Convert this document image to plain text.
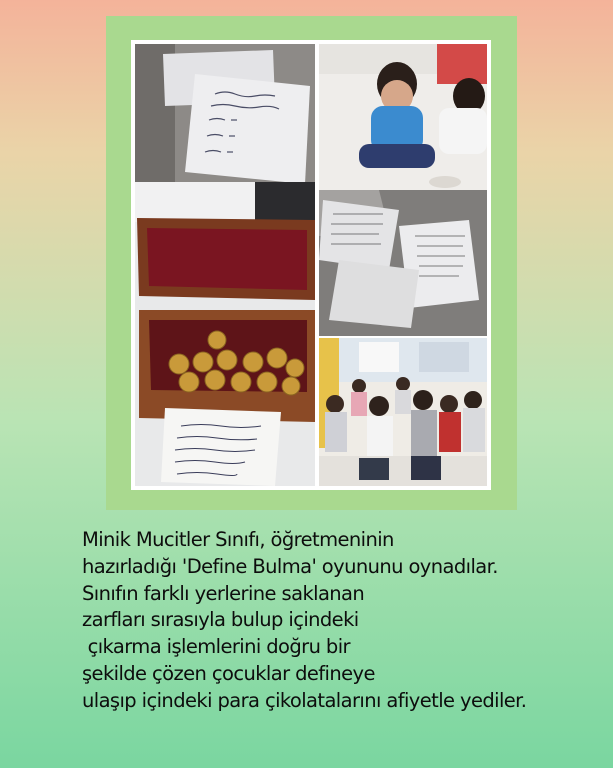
Minik Mucitler Sınıfı, öğretmeninin
hazırladığı 'Define Bulma' oyununu oynadılar.
Sınıfın farklı yerlerine saklanan
zarfları sırasıyla bulup içindeki
çıkarma işlemlerini doğru bir
şekilde çözen çocuklar defineye
ulaşıp içindeki para çikolatalarını afiyetle yediler.
